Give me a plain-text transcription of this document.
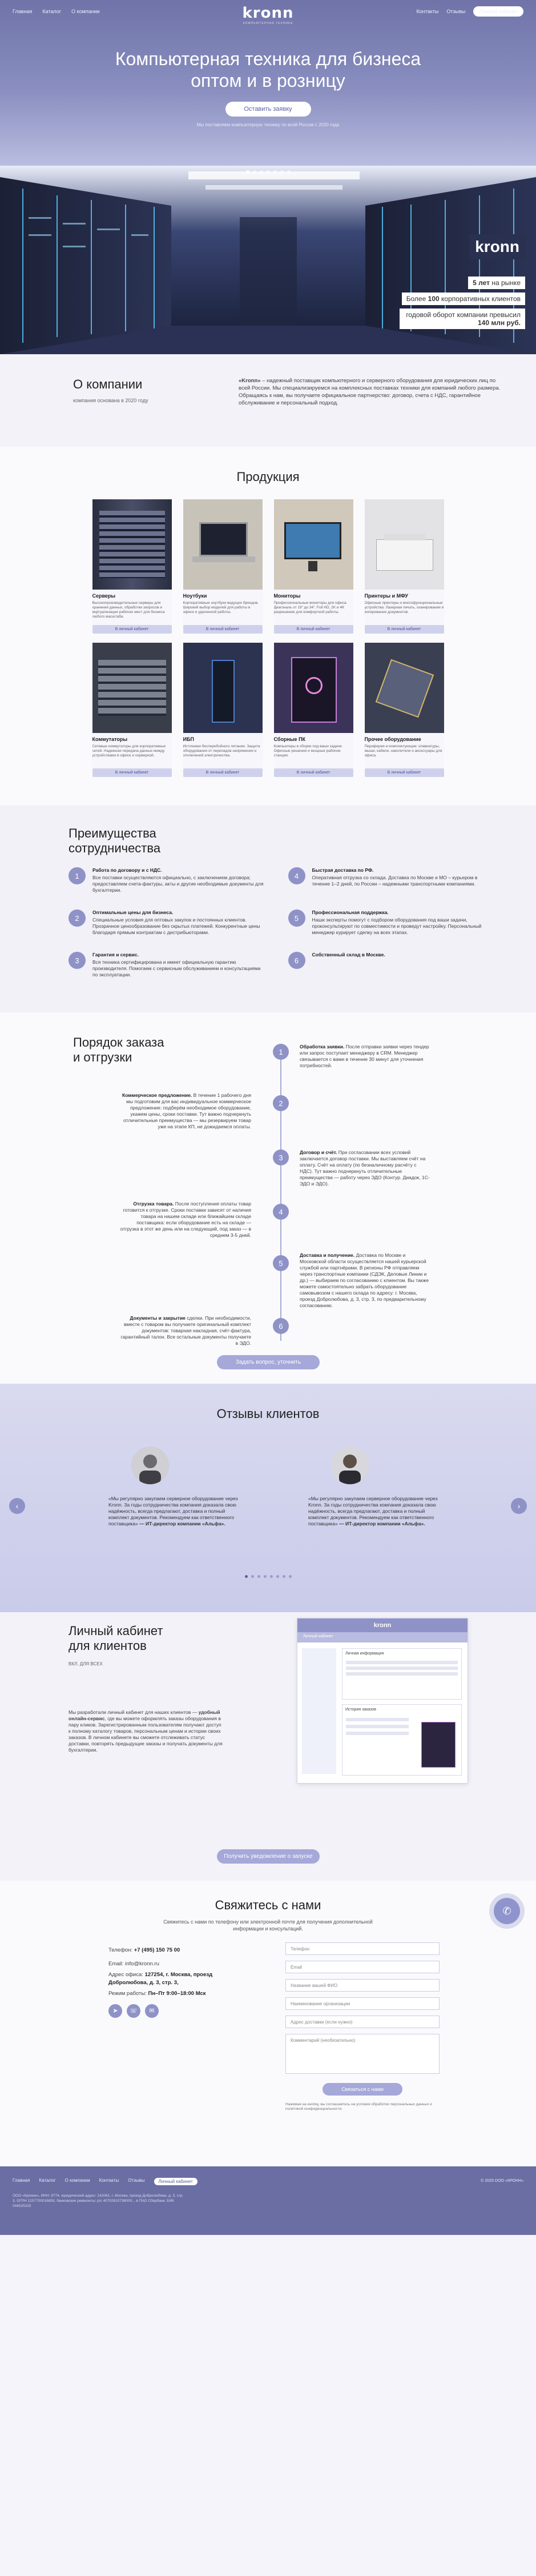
Главная Каталог О компании	kronn
КОМПЬЮТЕРНАЯ ТЕХНИКА
Контакты Отзывы	Личный кабинет
Компьютерная техника для бизнеса
оптом и в розницу
Оставить заявку
Мы поставляем компьютерную технику по всей России с 2020 года
kronn
5 лет на рынке
Более 100 корпоративных клиентов
годовой оборот компании превысил 140 млн руб.
О компании

компания основана в 2020 году

«Kronn» – надежный поставщик компьютерного и серверного оборудования для юридических лиц по всей России. Мы специализируемся на комплексных поставках техники для компаний любого размера. Обращаясь к нам, вы получаете официальное партнерство: договор, счета с НДС, гарантийное обслуживание и персональный подход.
Продукция
Серверы

Высокопроизводительные серверы для хранения данных, обработки запросов и виртуализации рабочих мест для бизнеса любого масштаба.

В личный кабинет
Ноутбуки

Корпоративные ноутбуки ведущих брендов. Широкий выбор моделей для работы в офисе и удаленной работы.

В личный кабинет
Мониторы

Профессиональные мониторы для офиса. Диагональ от 19” до 34”. Full HD, 2K и 4K разрешение для комфортной работы.

В личный кабинет
Принтеры и МФУ

Офисные принтеры и многофункциональные устройства. Лазерная печать, сканирование и копирование документов.

В личный кабинет
Коммутаторы

Сетевые коммутаторы для корпоративных сетей. Надежная передача данных между устройствами в офисе и серверной.

В личный кабинет
ИБП

Источники бесперебойного питания. Защита оборудования от перепадов напряжения и отключений электричества.

В личный кабинет
Сборные ПК

Компьютеры в сборке под ваши задачи. Офисные решения и мощные рабочие станции.

В личный кабинет
Прочее оборудование

Периферия и комплектующие: клавиатуры, мыши, кабели, накопители и аксессуары для офиса.

В личный кабинет
Преимущества
сотрудничества
1
Работа по договору и с НДС.
Все поставки осуществляются официально, с заключением договора; предоставляем счета-фактуры, акты и другие необходимые документы для бухгалтерии.
4
Быстрая доставка по РФ.
Оперативная отгрузка со склада. Доставка по Москве и МО – курьером в течение 1–2 дней, по России – надежными транспортными компаниями.
2
Оптимальные цены для бизнеса.
Специальные условия для оптовых закупок и постоянных клиентов. Прозрачное ценообразование без скрытых платежей. Конкурентные цены благодаря прямым контрактам с дистрибьюторами.
5
Профессиональная поддержка.
Наши эксперты помогут с подбором оборудования под ваши задачи, проконсультируют по совместимости и проведут настройку. Персональный менеджер курирует сделку на всех этапах.
3
Гарантия и сервис.
Вся техника сертифицирована и имеет официальную гарантию производителя. Помогаем с сервисным обслуживанием и консультациями по эксплуатации.
6
Собственный склад в Москве.
Порядок заказа
и отгрузки	1
Обработка заявки. После отправки заявки через тендер или запрос поступает менеджеру в CRM. Менеджер связывается с вами в течение 30 минут для уточнения потребностей.
2
Коммерческое предложение. В течение 1 рабочего дня мы подготовим для вас индивидуальное коммерческое предложение: подберём необходимое оборудование, укажем цены, сроки поставки. Тут важно подчеркнуть отличительные преимущества — мы резервируем товар уже на этапе КП, не дожидаемся оплаты.
3
Договор и счёт. При согласовании всех условий заключается договор поставки. Мы выставляем счёт на оплату. Счёт на оплату (по безналичному расчёту с НДС). Тут важно подчеркнуть отличительные преимущества — работу через ЭДО (Контур. Диадок, 1С-ЭДО и ЭДО).
4
Отгрузка товара. После поступления оплаты товар готовится к отгрузке. Сроки поставки зависят от наличия товара на нашем складе или ближайшем складе поставщика: если оборудование есть на складе — отгрузка в этот же день или на следующий, под заказ — в среднем 3-5 дней.
5
Доставка и получение. Доставка по Москве и Московской области осуществляется нашей курьерской службой или партнёрами. В регионы РФ отправляем через транспортные компании (СДЭК, Деловые Линии и др.) — выбираем по согласованию с клиентом. Вы также можете самостоятельно забрать оборудование самовывозом с нашего склада по адресу: г. Москва, проезд Добролюбова, д. 3, стр. 3, по предварительному согласованию.
6
Документы и закрытие сделки. При необходимости, вместе с товаром вы получаете оригинальный комплект документов: товарная накладная, счёт-фактура, гарантийный талон. Все остальные документы получаете в ЭДО.
Задать вопрос, уточнить
Отзывы клиентов
‹	›

«Мы регулярно закупаем серверное оборудование через Kronn. За годы сотрудничества компания доказала свою надёжность, всегда предлагают, доставка и полный комплект документов. Рекомендуем как ответственного поставщика» — ИТ-директор компании «Альфа».

«Мы регулярно закупаем серверное оборудование через Kronn. За годы сотрудничества компания доказала свою надёжность, всегда предлагают, доставка и полный комплект документов. Рекомендуем как ответственного поставщика» — ИТ-директор компании «Альфа».

Личный кабинет
для клиентов
ВКЛ. ДЛЯ ВСЕХ
Мы разработали личный кабинет для наших клиентов — удобный онлайн-сервис, где вы можете оформлять заказы оборудования в пару кликов. Зарегистрированным пользователям получают доступ к полному каталогу товаров, персональным ценам и истории своих заказов. В личном кабинете вы сможете отслеживать статус доставки, повторять предыдущие заказы и получать документы для бухгалтерии.
kronn
Личный кабинет
Личная информация
История заказов
Получить уведомление о запуске
Свяжитесь с нами
Свяжитесь с нами по телефону или электронной почте для получения дополнительной информации и консультаций.
✆
Телефон: +7 (495) 150 75 00
Email: info@kronn.ru
Адрес офиса: 127254, г. Москва, проезд Добролюбова, д. 3, стр. 3,
Режим работы: Пн–Пт 9:00–18:00 Мск
➤	☏	✉
Телефон
Email
Название вашей ФИО
Наименование организации
Адрес доставки (если нужно)
Комментарий (необязательно)
Связаться с нами
Нажимая на кнопку, вы соглашаетесь на условия обработки персональных данных и политикой конфиденциальности.
Главная Каталог О компании Контакты Отзывы	Личный кабинет
ООО «Кроннн», ИНН: 9774, юридический адрес: 142061, г. Москва, проезд Добролюбова, д. 3, стр. 3, ОГРН 1257700016893, банковские реквизиты: р/с 40702810738000... в ПАО Сбербанк, БИК 044525225
© 2025 ООО «КРОНН»
